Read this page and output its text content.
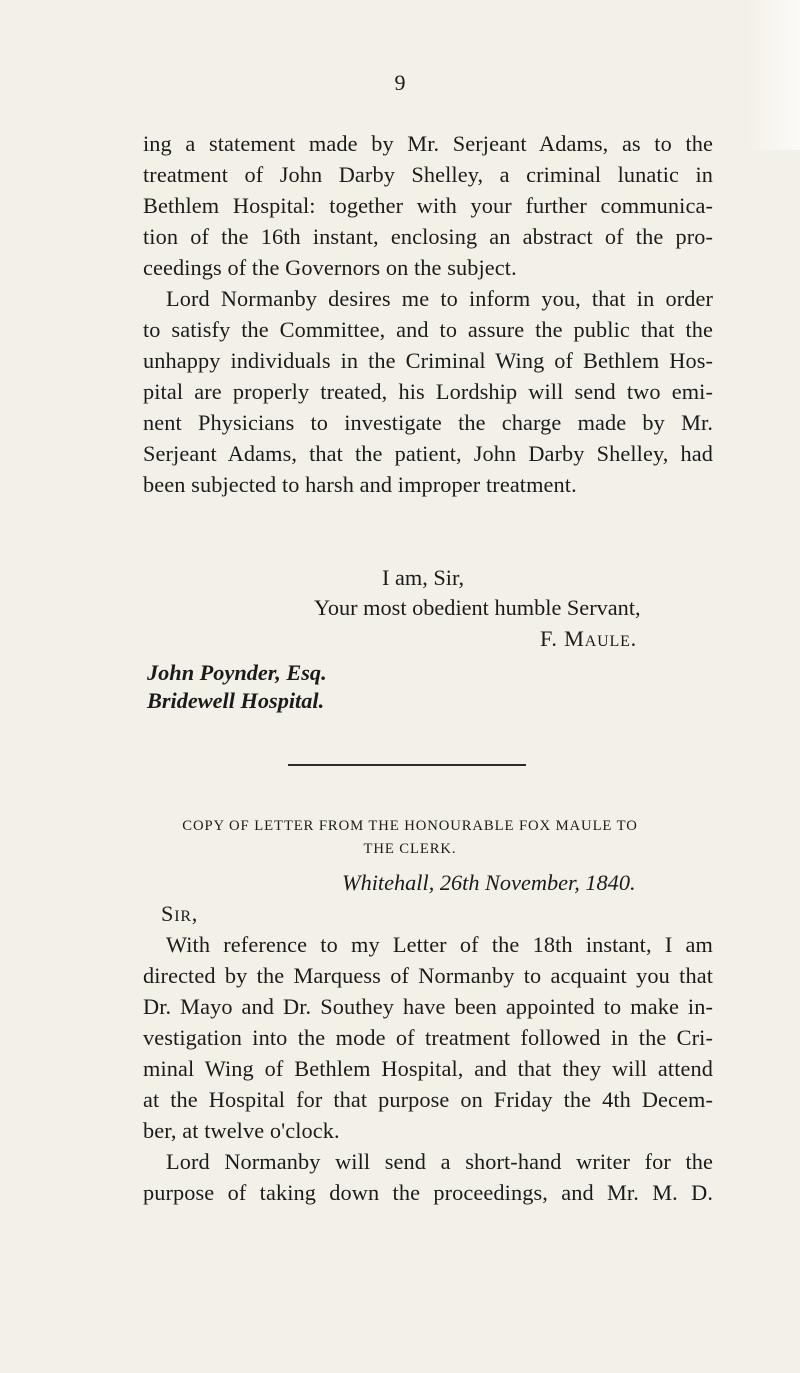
9
ing a statement made by Mr. Serjeant Adams, as to the
treatment of John Darby Shelley, a criminal lunatic in
Bethlem Hospital: together with your further communica-
tion of the 16th instant, enclosing an abstract of the pro-
ceedings of the Governors on the subject.
Lord Normanby desires me to inform you, that in order
to satisfy the Committee, and to assure the public that the
unhappy individuals in the Criminal Wing of Bethlem Hos-
pital are properly treated, his Lordship will send two emi-
nent Physicians to investigate the charge made by Mr.
Serjeant Adams, that the patient, John Darby Shelley, had
been subjected to harsh and improper treatment.
I am, Sir,
Your most obedient humble Servant,
F. Maule.
John Poynder, Esq.
Bridewell Hospital.
COPY OF LETTER FROM THE HONOURABLE FOX MAULE TO
THE CLERK.
Whitehall, 26th November, 1840.
Sir,
With reference to my Letter of the 18th instant, I am
directed by the Marquess of Normanby to acquaint you that
Dr. Mayo and Dr. Southey have been appointed to make in-
vestigation into the mode of treatment followed in the Cri-
minal Wing of Bethlem Hospital, and that they will attend
at the Hospital for that purpose on Friday the 4th Decem-
ber, at twelve o'clock.
Lord Normanby will send a short-hand writer for the
purpose of taking down the proceedings, and Mr. M. D.
